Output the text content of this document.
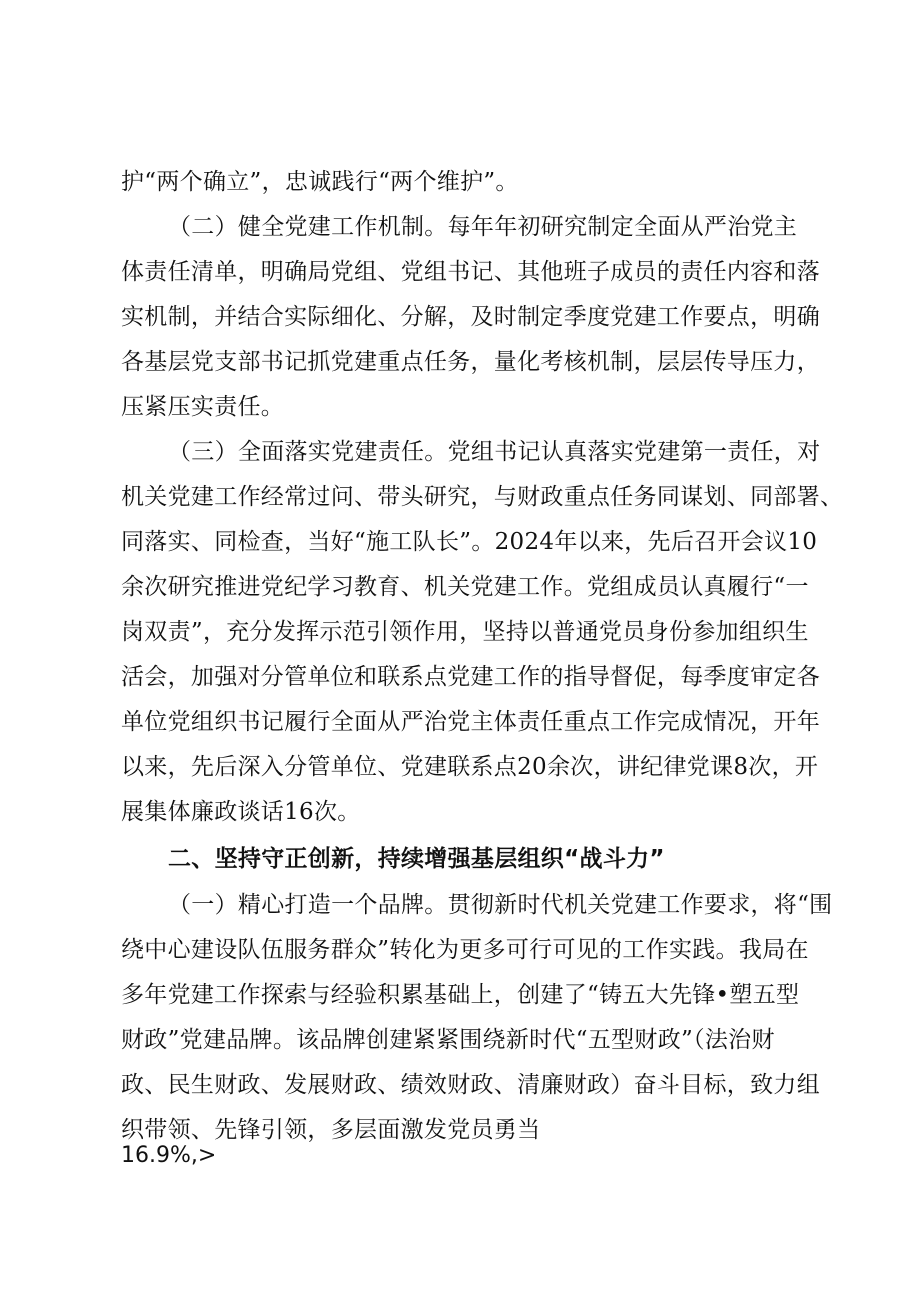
护“两个确立”，忠诚践行“两个维护”。
（二）健全党建工作机制。每年年初研究制定全面从严治党主
体责任清单，明确局党组、党组书记、其他班子成员的责任内容和落
实机制，并结合实际细化、分解，及时制定季度党建工作要点，明确
各基层党支部书记抓党建重点任务，量化考核机制，层层传导压力，
压紧压实责任。
（三）全面落实党建责任。党组书记认真落实党建第一责任，对
机关党建工作经常过问、带头研究，与财政重点任务同谋划、同部署、
同落实、同检查，当好“施工队长”。2024年以来，先后召开会议10
余次研究推进党纪学习教育、机关党建工作。党组成员认真履行“一
岗双责”，充分发挥示范引领作用，坚持以普通党员身份参加组织生
活会，加强对分管单位和联系点党建工作的指导督促，每季度审定各
单位党组织书记履行全面从严治党主体责任重点工作完成情况，开年
以来，先后深入分管单位、党建联系点20余次，讲纪律党课8次，开
展集体廉政谈话16次。
二、坚持守正创新，持续增强基层组织“战斗力”
（一）精心打造一个品牌。贯彻新时代机关党建工作要求，将“围
绕中心建设队伍服务群众”转化为更多可行可见的工作实践。我局在
多年党建工作探索与经验积累基础上，创建了“铸五大先锋•塑五型
财政”党建品牌。该品牌创建紧紧围绕新时代“五型财政”（法治财
政、民生财政、发展财政、绩效财政、清廉财政）奋斗目标，致力组
织带领、先锋引领，多层面激发党员勇当
16.9%,>
